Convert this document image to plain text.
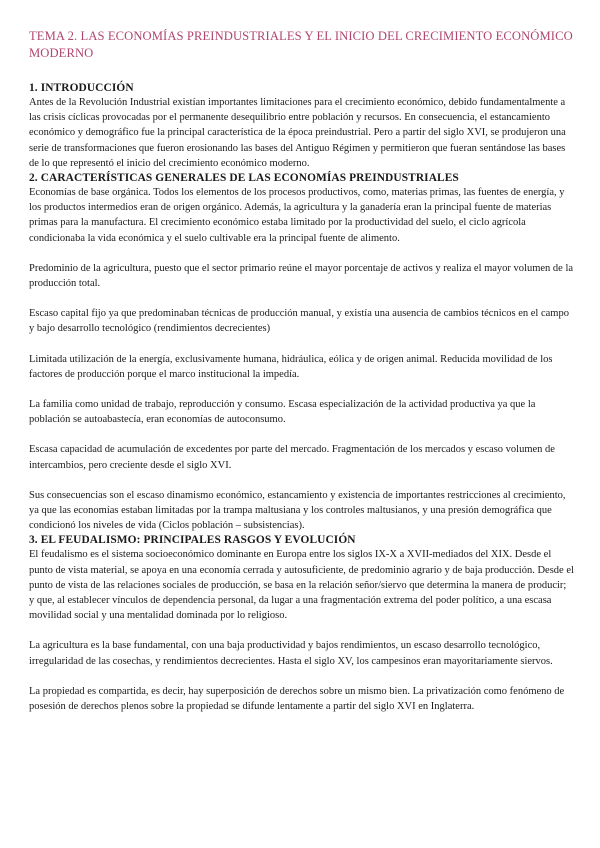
TEMA 2. LAS ECONOMÍAS PREINDUSTRIALES Y EL INICIO DEL CRECIMIENTO ECONÓMICO MODERNO
1. INTRODUCCIÓN

Antes de la Revolución Industrial existían importantes limitaciones para el crecimiento económico, debido fundamentalmente a las crisis cíclicas provocadas por el permanente desequilibrio entre población y recursos. En consecuencia, el estancamiento económico y demográfico fue la principal característica de la época preindustrial. Pero a partir del siglo XVI, se produjeron una serie de transformaciones que fueron erosionando las bases del Antiguo Régimen y permitieron que fueran sentándose las bases de lo que representó el inicio del crecimiento económico moderno.

2. CARACTERÍSTICAS GENERALES DE LAS ECONOMÍAS PREINDUSTRIALES

Economías de base orgánica. Todos los elementos de los procesos productivos, como, materias primas, las fuentes de energía, y los productos intermedios eran de origen orgánico. Además, la agricultura y la ganadería eran la principal fuente de materias primas para la manufactura. El crecimiento económico estaba limitado por la productividad del suelo, el ciclo agrícola condicionaba la vida económica y el suelo cultivable era la principal fuente de alimento.

Predominio de la agricultura, puesto que el sector primario reúne el mayor porcentaje de activos y realiza el mayor volumen de la producción total.

Escaso capital fijo ya que predominaban técnicas de producción manual, y existía una ausencia de cambios técnicos en el campo y bajo desarrollo tecnológico (rendimientos decrecientes)

Limitada utilización de la energía, exclusivamente humana, hidráulica, eólica y de origen animal. Reducida movilidad de los factores de producción porque el marco institucional la impedía.

La familia como unidad de trabajo, reproducción y consumo. Escasa especialización de la actividad productiva ya que la población se autoabastecía, eran economías de autoconsumo.

Escasa capacidad de acumulación de excedentes por parte del mercado. Fragmentación de los mercados y escaso volumen de intercambios, pero creciente desde el siglo XVI.

Sus consecuencias son el escaso dinamismo económico, estancamiento y existencia de importantes restricciones al crecimiento, ya que las economías estaban limitadas por la trampa maltusiana y los controles maltusianos, y una presión demográfica que condicionó los niveles de vida (Ciclos población – subsistencias).

3. EL FEUDALISMO: PRINCIPALES RASGOS Y EVOLUCIÓN

El feudalismo es el sistema socioeconómico dominante en Europa entre los siglos IX-X a XVII-mediados del XIX. Desde el punto de vista material, se apoya en una economía cerrada y autosuficiente, de predominio agrario y de baja producción. Desde el punto de vista de las relaciones sociales de producción, se basa en la relación señor/siervo que determina la manera de producir; y que, al establecer vínculos de dependencia personal, da lugar a una fragmentación extrema del poder político, a una escasa movilidad social y una mentalidad dominada por lo religioso.

La agricultura es la base fundamental, con una baja productividad y bajos rendimientos, un escaso desarrollo tecnológico, irregularidad de las cosechas, y rendimientos decrecientes. Hasta el siglo XV, los campesinos eran mayoritariamente siervos.

La propiedad es compartida, es decir, hay superposición de derechos sobre un mismo bien. La privatización como fenómeno de posesión de derechos plenos sobre la propiedad se difunde lentamente a partir del siglo XVI en Inglaterra.
